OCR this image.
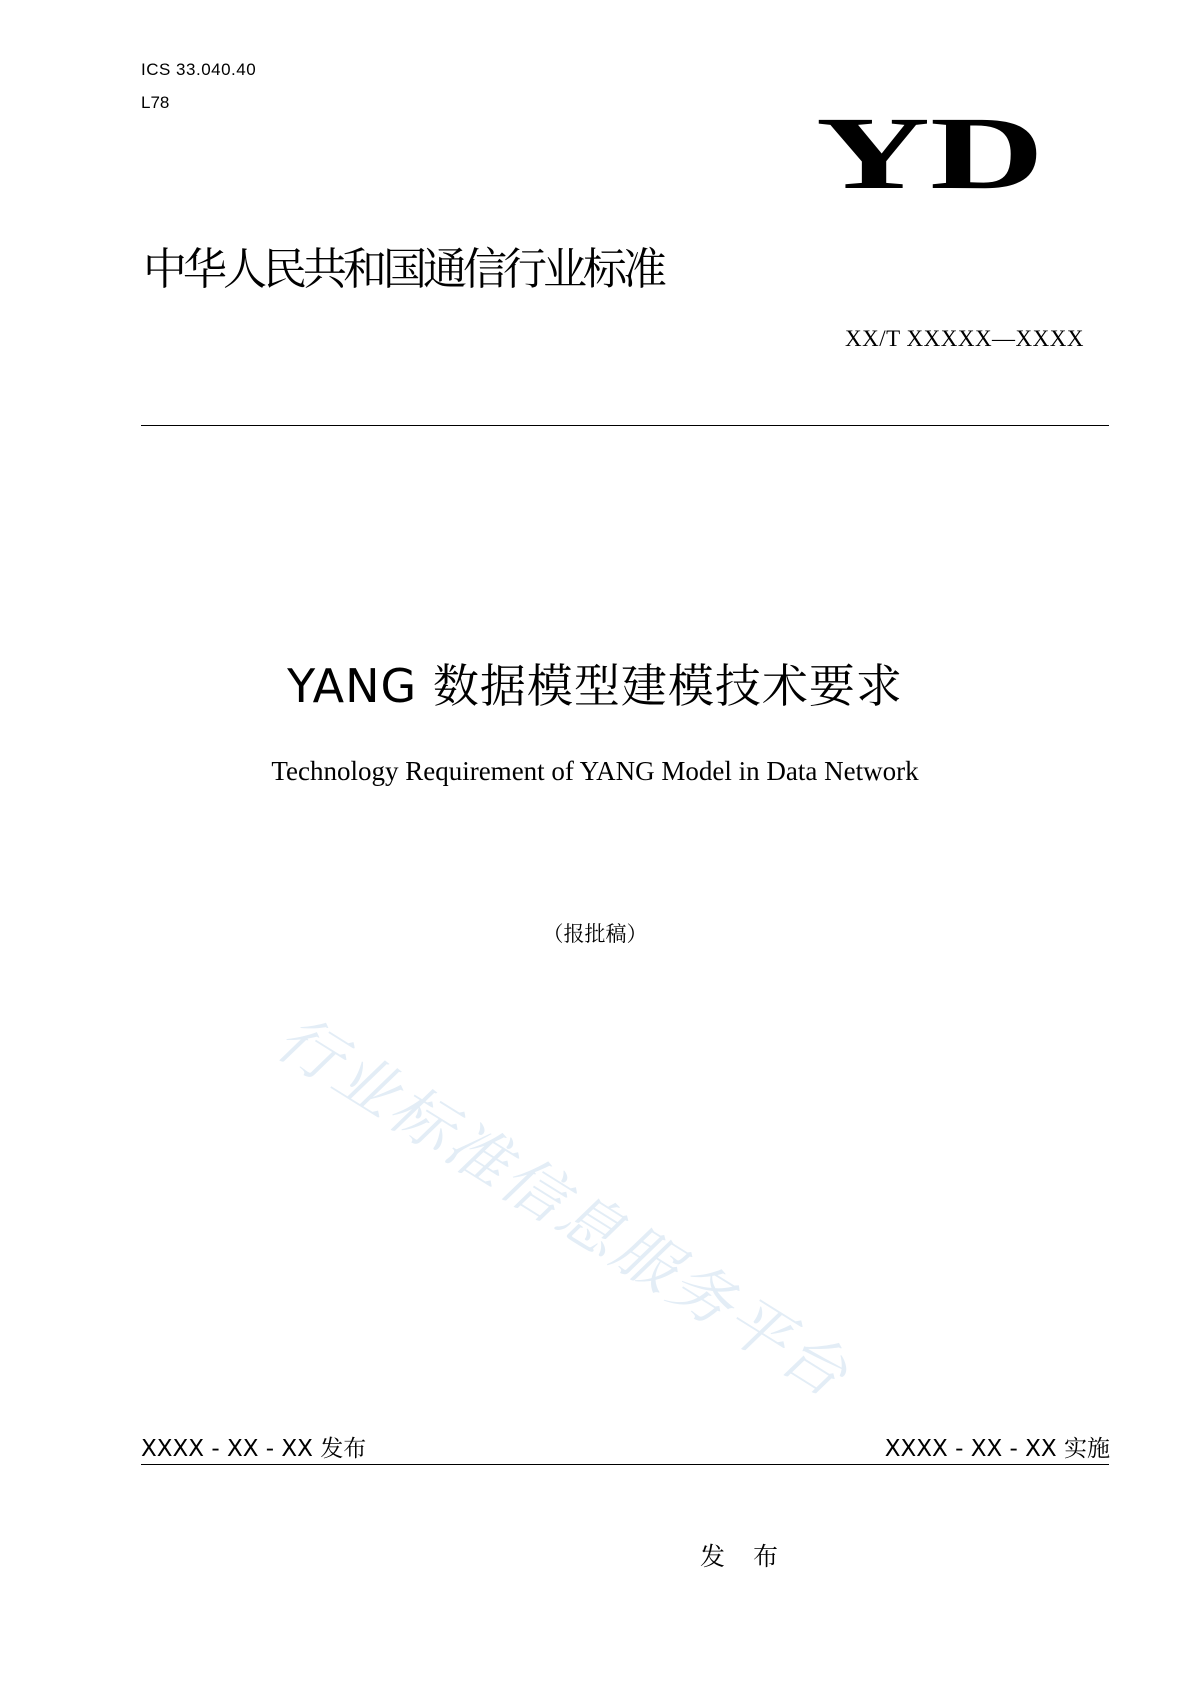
ICS 33.040.40
L78	YD
中华人民共和国通信行业标准
XX/T XXXXX—XXXX
行业标准信息服务平台
YANG 数据模型建模技术要求
Technology Requirement of YANG Model in Data Network
（报批稿）
XXXX - XX - XX 发布	XXXX - XX - XX 实施
发 布
